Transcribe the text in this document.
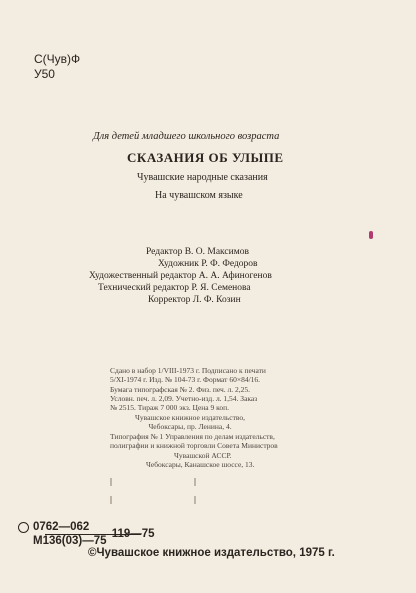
С(Чув)Ф
У50
Для детей младшего школьного возраста
СКАЗАНИЯ ОБ УЛЫПЕ
Чувашские народные сказания
На чувашском языке
Редактор В. О. Максимов
Художник Р. Ф. Федоров
Художественный редактор А. А. Афиногенов
Технический редактор Р. Я. Семенова
Корректор Л. Ф. Козин
Сдано в набор 1/VIII-1973 г. Подписано к печати
5/XI-1974 г. Изд. № 104-73 г. Формат 60×84/16.
Бумага типографская № 2. Физ. печ. л. 2,25.
Условн. печ. л. 2,09. Учетно-изд. л. 1,54. Заказ
№ 2515. Тираж 7 000 экз. Цена 9 коп.
Чувашское книжное издательство,
Чебоксары, пр. Ленина, 4.
Типография № 1 Управления по делам издательств,
полиграфии и книжной торговли Совета Министров
Чувашской АССР.
Чебоксары, Канашское шоссе, 13.
0762—062
М136(03)—75
119—75
©Чувашское книжное издательство, 1975 г.
